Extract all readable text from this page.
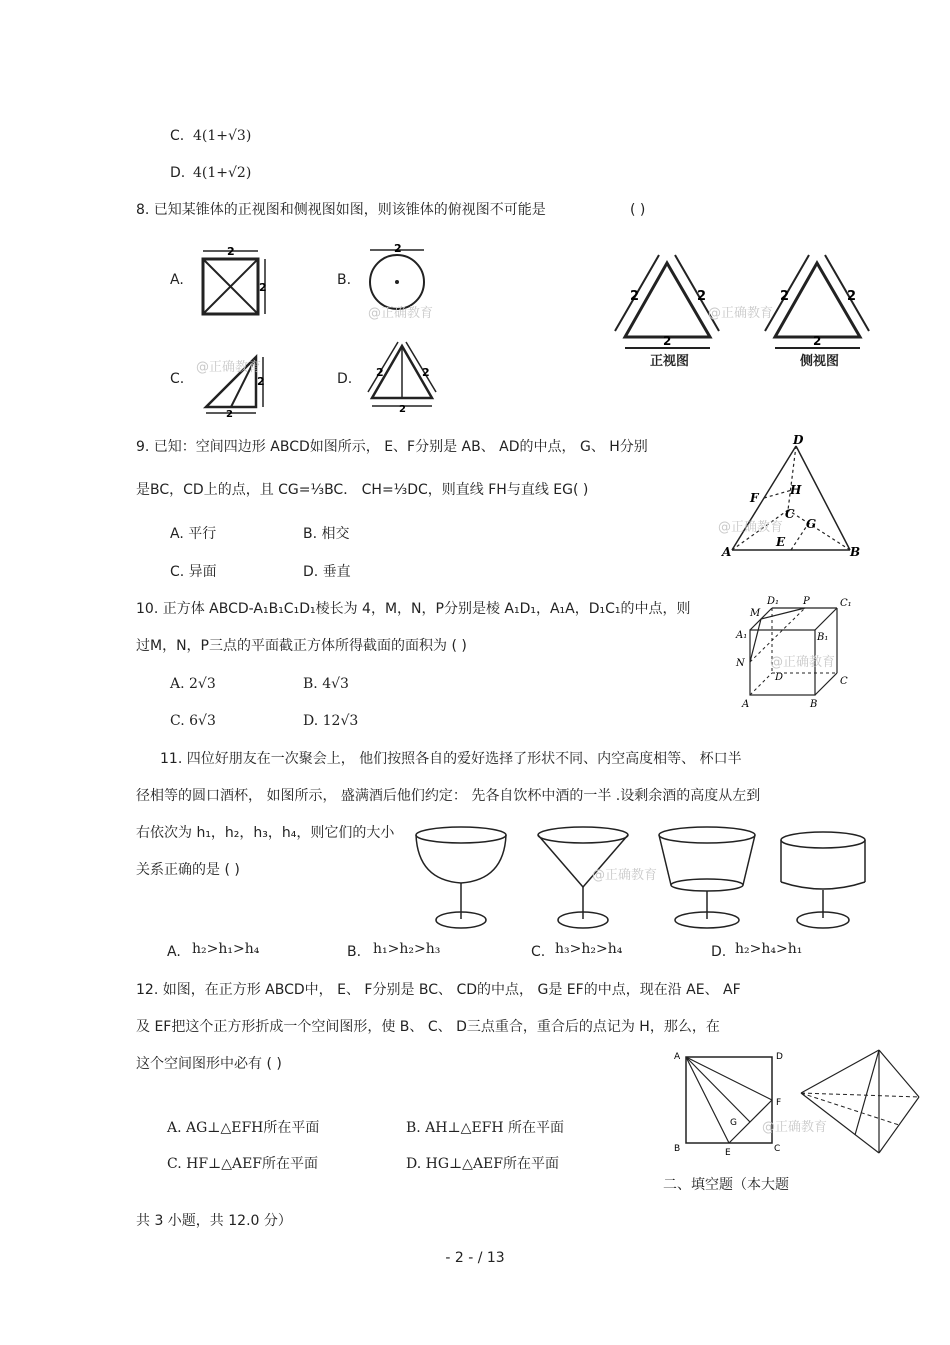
C. 4(1+√3)
D. 4(1+√2)
8. 已知某锥体的正视图和侧视图如图，则该锥体的俯视图不可能是	( )
A.
2
2	B.
2
@正确教育
C.	2
2
@正确教育
D. 2	2
2
2	2
2
正视图
2	2
2
侧视图
@正确教育
9. 已知：空间四边形 ABCD如图所示， E、F分别是 AB、 AD的中点， G、 H分别
是BC，CD上的点，且 CG=⅓BC． CH=⅓DC，则直线 FH与直线 EG( )
A. 平行	B. 相交
C. 异面	D. 垂直
D
F
H
C
G
E
A	B
@正确教育
10. 正方体 ABCD-A₁B₁C₁D₁棱长为 4，M，N，P分别是棱 A₁D₁，A₁A，D₁C₁的中点，则
过M，N，P三点的平面截正方体所得截面的面积为 ( )
A. 2√3	B. 4√3
C. 6√3	D. 12√3
D₁ P	C₁
M
A₁	B₁
N
D	C
A	B
@正确教育
11. 四位好朋友在一次聚会上， 他们按照各自的爱好选择了形状不同、内空高度相等、 杯口半
径相等的圆口酒杯， 如图所示， 盛满酒后他们约定： 先各自饮杯中酒的一半 .设剩余酒的高度从左到
右依次为 h₁，h₂，h₃，h₄，则它们的大小
关系正确的是 ( )	@正确教育
A. h₂>h₁>h₄	B. h₁>h₂>h₃	C. h₃>h₂>h₄	D. h₂>h₄>h₁
12. 如图，在正方形 ABCD中， E、 F分别是 BC、 CD的中点， G是 EF的中点，现在沿 AE、 AF
及 EF把这个正方形折成一个空间图形，使 B、 C、 D三点重合，重合后的点记为 H，那么，在
这个空间图形中必有 ( )
A. AG⊥△EFH所在平面	B. AH⊥△EFH 所在平面
C. HF⊥△AEF所在平面	D. HG⊥△AEF所在平面
A	D
F
G
B	E	C
@正确教育
二、填空题（本大题
共 3 小题，共 12.0 分）
- 2 - / 13
